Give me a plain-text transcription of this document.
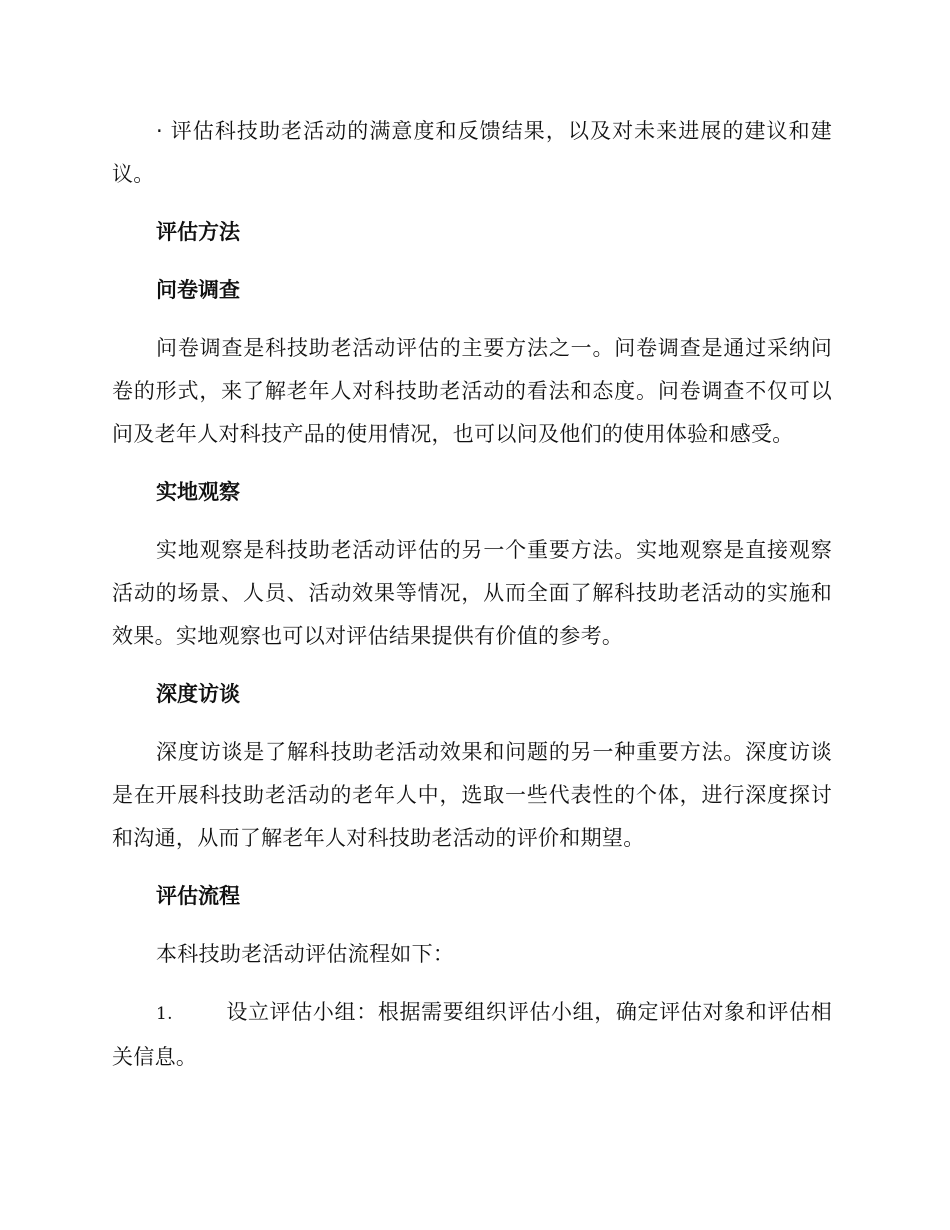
· 评估科技助老活动的满意度和反馈结果，以及对未来进展的建议和建议。

评估方法
问卷调查

问卷调查是科技助老活动评估的主要方法之一。问卷调查是通过采纳问卷的形式，来了解老年人对科技助老活动的看法和态度。问卷调查不仅可以问及老年人对科技产品的使用情况，也可以问及他们的使用体验和感受。

实地观察

实地观察是科技助老活动评估的另一个重要方法。实地观察是直接观察活动的场景、人员、活动效果等情况，从而全面了解科技助老活动的实施和效果。实地观察也可以对评估结果提供有价值的参考。

深度访谈

深度访谈是了解科技助老活动效果和问题的另一种重要方法。深度访谈是在开展科技助老活动的老年人中，选取一些代表性的个体，进行深度探讨和沟通，从而了解老年人对科技助老活动的评价和期望。

评估流程

本科技助老活动评估流程如下：

1.	设立评估小组：根据需要组织评估小组，确定评估对象和评估相关信息。
